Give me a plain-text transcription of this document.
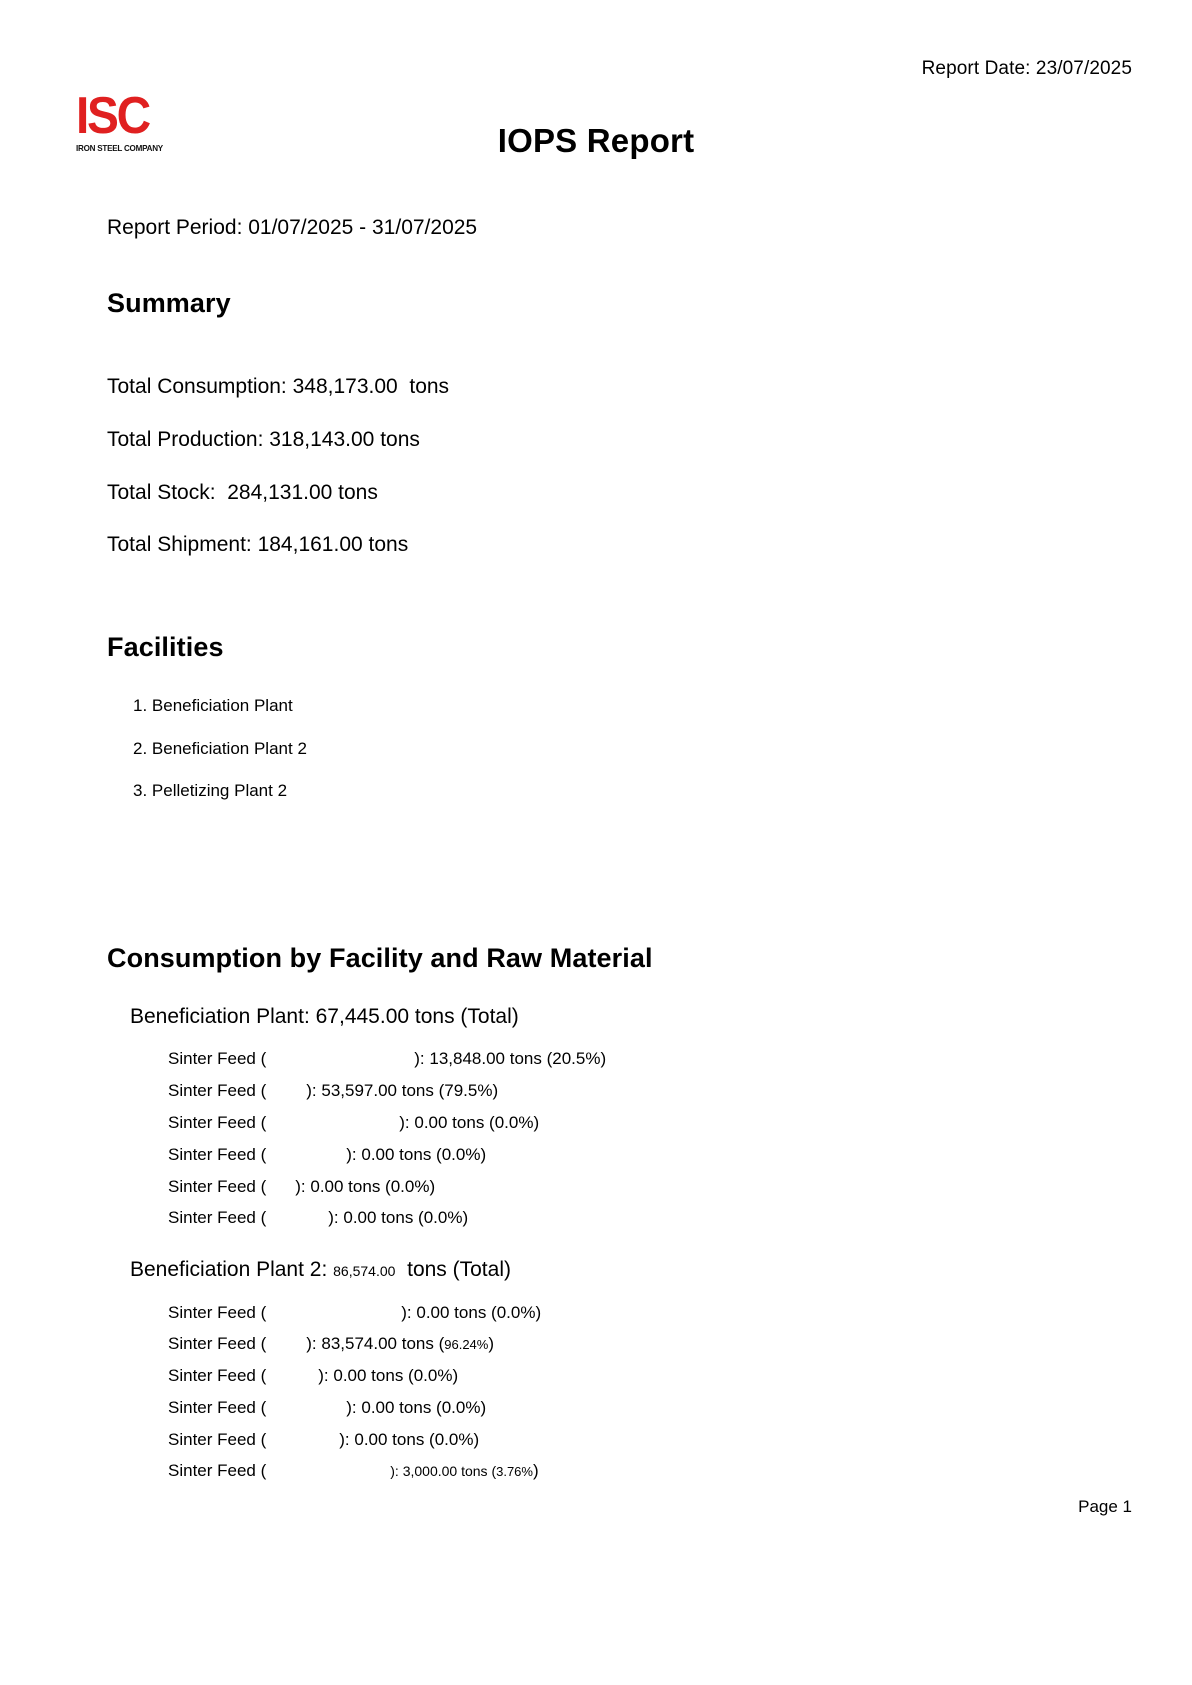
Report Date: 23/07/2025
ISC
IRON STEEL COMPANY	IOPS Report
Report Period: 01/07/2025 - 31/07/2025
Summary
Total Consumption: 348,173.00  tons
Total Production: 318,143.00 tons
Total Stock:  284,131.00 tons
Total Shipment: 184,161.00 tons
Facilities
1. Beneficiation Plant
2. Beneficiation Plant 2
3. Pelletizing Plant 2
Consumption by Facility and Raw Material
Beneficiation Plant: 67,445.00 tons (Total)
Sinter Feed (	): 13,848.00 tons (20.5%)
Sinter Feed ( ): 53,597.00 tons (79.5%)
Sinter Feed (	): 0.00 tons (0.0%)
Sinter Feed (	): 0.00 tons (0.0%)
Sinter Feed ( ): 0.00 tons (0.0%)
Sinter Feed (	): 0.00 tons (0.0%)
Beneficiation Plant 2: 86,574.00  tons (Total)
Sinter Feed (	): 0.00 tons (0.0%)
Sinter Feed ( ): 83,574.00 tons (96.24%)
Sinter Feed (	): 0.00 tons (0.0%)
Sinter Feed (	): 0.00 tons (0.0%)
Sinter Feed (	): 0.00 tons (0.0%)
Sinter Feed (	): 3,000.00 tons (3.76%)
Page 1
